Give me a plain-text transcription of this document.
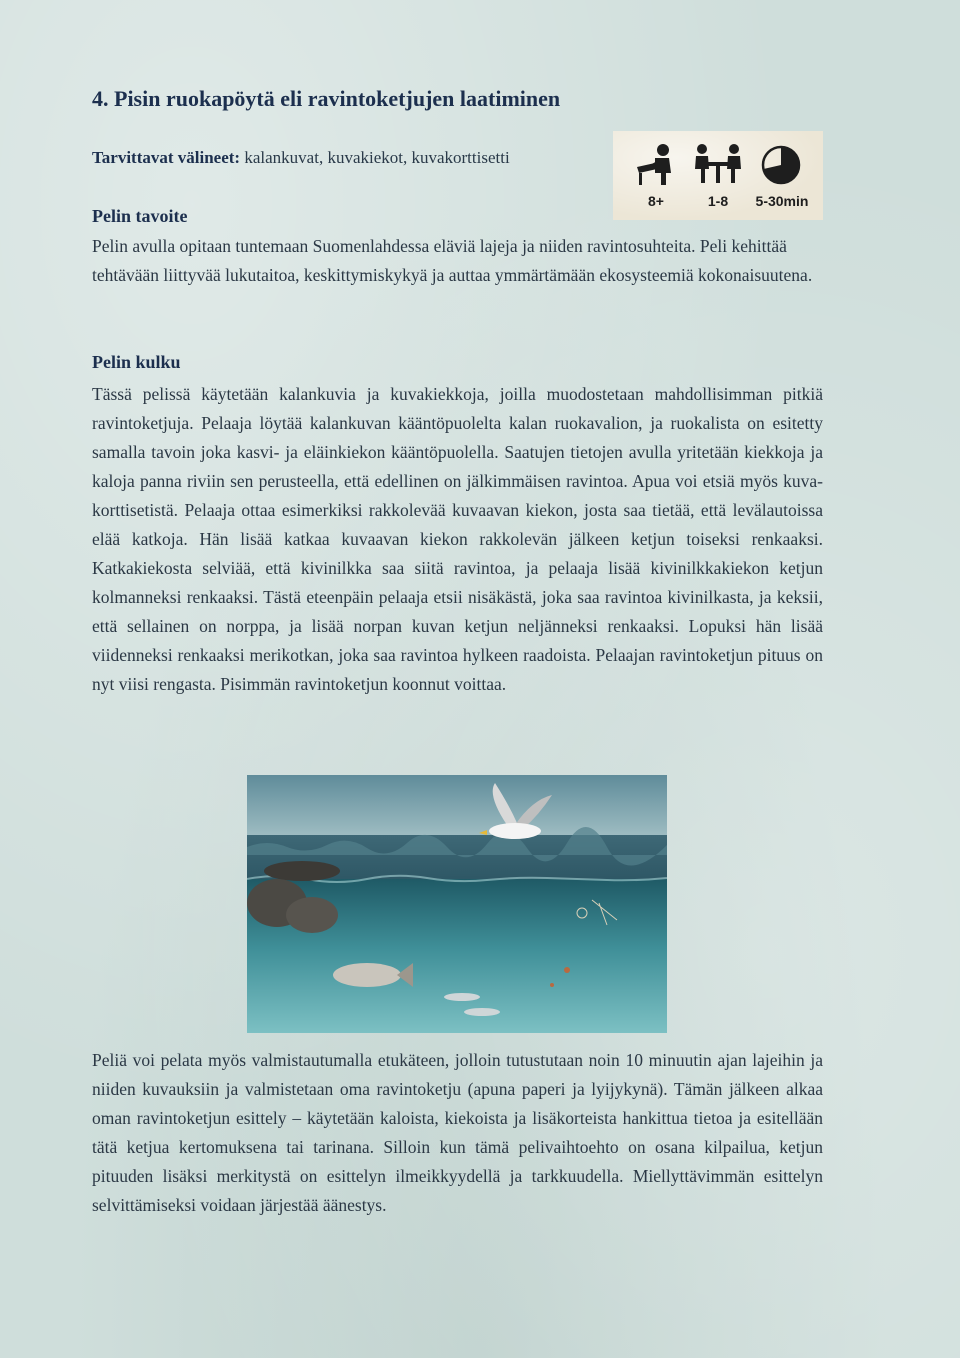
4. Pisin ruokapöytä eli ravintoketjujen laatiminen

Tarvittavat välineet: kalankuvat, kuvakiekot, kuvakorttisetti

8+	1-8	5-30min
Pelin tavoite

Pelin avulla opitaan tuntemaan Suomenlahdessa eläviä lajeja ja niiden ravintosuhteita. Peli kehittää tehtävään liittyvää lukutaitoa, keskittymiskykyä ja auttaa ymmärtämään ekosysteemiä kokonaisuutena.

Pelin kulku

Tässä pelissä käytetään kalankuvia ja kuvakiekkoja, joilla muodostetaan mahdollisimman pitkiä ravintoketjuja. Pelaaja löytää kalankuvan kääntöpuolelta kalan ruokavalion, ja ruokalista on esitetty samalla tavoin joka kasvi- ja eläinkiekon kääntöpuolella. Saatujen tietojen avulla yritetään kiekkoja ja kaloja panna riviin sen perusteella, että edellinen on jälkimmäisen ravintoa. Apua voi etsiä myös kuva-korttisetistä. Pelaaja ottaa esimerkiksi rakkolevää kuvaavan kiekon, josta saa tietää, että levälautoissa elää katkoja. Hän lisää katkaa kuvaavan kiekon rakkolevän jälkeen ketjun toiseksi renkaaksi. Katkakiekosta selviää, että kivinilkka saa siitä ravintoa, ja pelaaja lisää kivinilkkakiekon ketjun kolmanneksi renkaaksi. Tästä eteenpäin pelaaja etsii nisäkästä, joka saa ravintoa kivinilkasta, ja keksii, että sellainen on norppa, ja lisää norpan kuvan ketjun neljänneksi renkaaksi. Lopuksi hän lisää viidenneksi renkaaksi merikotkan, joka saa ravintoa hylkeen raadoista. Pelaajan ravintoketjun pituus on nyt viisi rengasta. Pisimmän ravintoketjun koonnut voittaa.

Peliä voi pelata myös valmistautumalla etukäteen, jolloin tutustutaan noin 10 minuutin ajan lajeihin ja niiden kuvauksiin ja valmistetaan oma ravintoketju (apuna paperi ja lyijykynä). Tämän jälkeen alkaa oman ravintoketjun esittely – käytetään kaloista, kiekoista ja lisäkorteista hankittua tietoa ja esitellään tätä ketjua kertomuksena tai tarinana. Silloin kun tämä pelivaihtoehto on osana kilpailua, ketjun pituuden lisäksi merkitystä on esittelyn ilmeikkyydellä ja tarkkuudella. Miellyttävimmän esittelyn selvittämiseksi voidaan järjestää äänestys.
